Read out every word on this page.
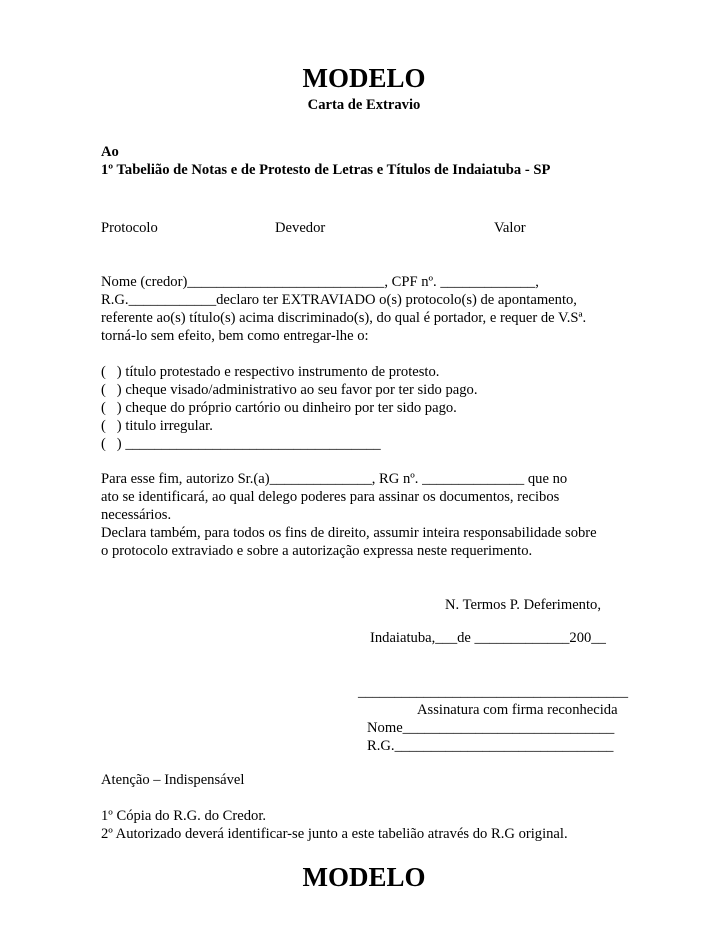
MODELO
Carta de Extravio
Ao
1º Tabelião de Notas e de Protesto de Letras e Títulos de Indaiatuba - SP
Protocolo	Devedor	Valor
Nome (credor)___________________________, CPF nº. _____________,
R.G.____________declaro ter EXTRAVIADO o(s) protocolo(s) de apontamento,
referente ao(s) título(s) acima discriminado(s), do qual é portador, e requer de V.Sª.
torná-lo sem efeito, bem como entregar-lhe o:
(   ) título protestado e respectivo instrumento de protesto.
(   ) cheque visado/administrativo ao seu favor por ter sido pago.
(   ) cheque do próprio cartório ou dinheiro por ter sido pago.
(   ) titulo irregular.
(   ) ___________________________________
Para esse fim, autorizo Sr.(a)______________, RG nº. ______________ que no
ato se identificará, ao qual delego poderes para assinar os documentos, recibos
necessários.
Declara também, para todos os fins de direito, assumir inteira responsabilidade sobre
o protocolo extraviado e sobre a autorização expressa neste requerimento.
N. Termos P. Deferimento,
Indaiatuba,___de _____________200__
_____________________________________
Assinatura com firma reconhecida
Nome_____________________________
R.G.______________________________
Atenção – Indispensável
1º Cópia do R.G. do Credor.
2º Autorizado deverá identificar-se junto a este tabelião através do R.G original.
MODELO
